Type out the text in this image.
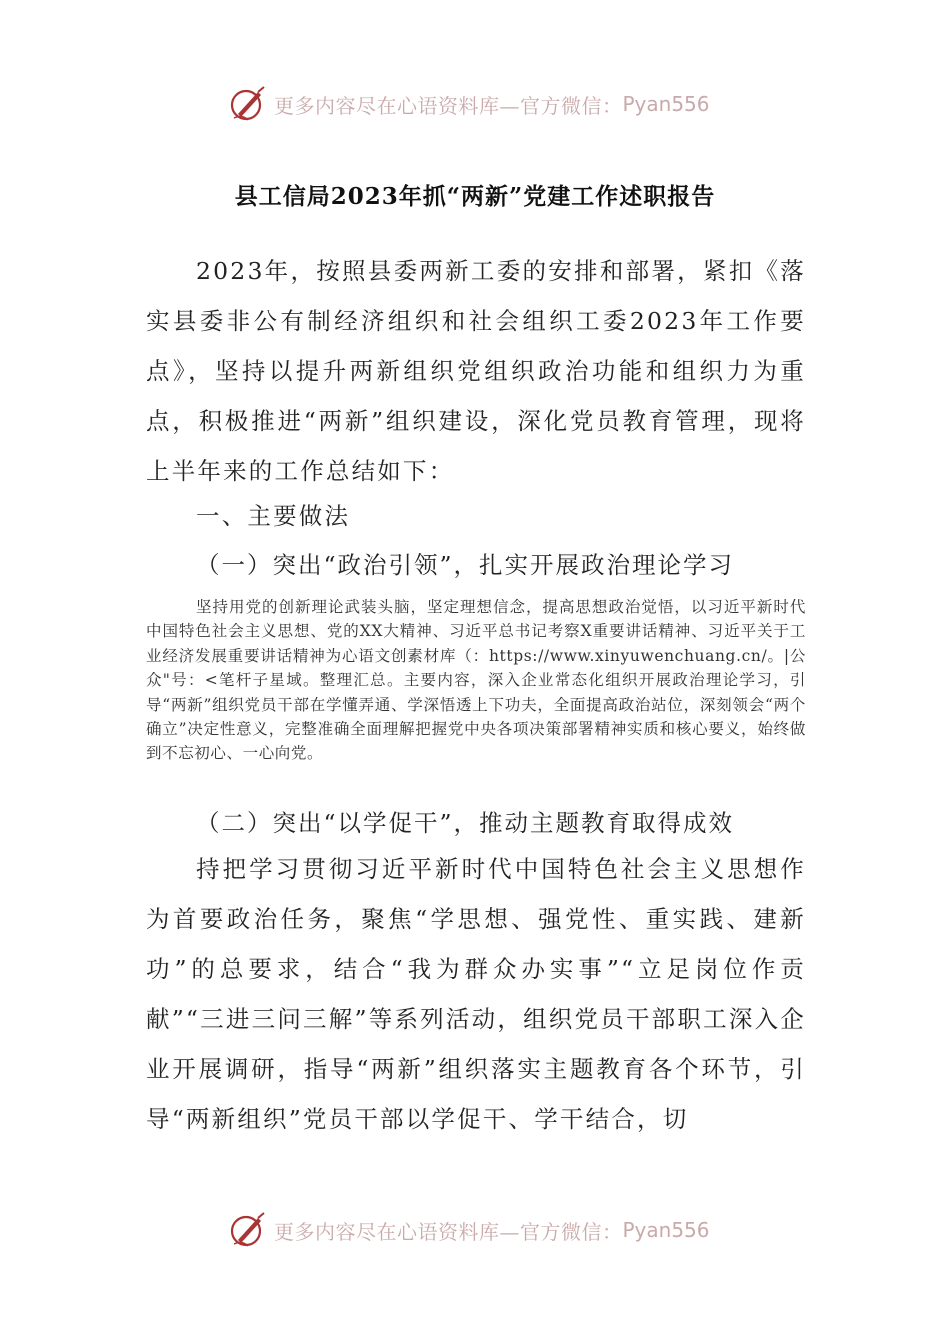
更多内容尽在心语资料库—官方微信： Pyan556
县工信局2023年抓“两新”党建工作述职报告

2023年，按照县委两新工委的安排和部署，紧扣《落实县委非公有制经济组织和社会组织工委2023年工作要点》，坚持以提升两新组织党组织政治功能和组织力为重点，积极推进“两新”组织建设，深化党员教育管理，现将上半年来的工作总结如下：

一、主要做法

（一）突出“政治引领”，扎实开展政治理论学习

坚持用党的创新理论武装头脑，坚定理想信念，提高思想政治觉悟，以习近平新时代中国特色社会主义思想、党的XX大精神、习近平总书记考察X重要讲话精神、习近平关于工业经济发展重要讲话精神为心语文创素材库（：https://www.xinyuwenchuang.cn/。|公众"号：<笔杆子星域。整理汇总。主要内容，深入企业常态化组织开展政治理论学习，引导“两新”组织党员干部在学懂弄通、学深悟透上下功夫，全面提高政治站位，深刻领会“两个确立”决定性意义，完整准确全面理解把握党中央各项决策部署精神实质和核心要义，始终做到不忘初心、一心向党。

（二）突出“以学促干”，推动主题教育取得成效

持把学习贯彻习近平新时代中国特色社会主义思想作为首要政治任务，聚焦“学思想、强党性、重实践、建新功”的总要求，结合“我为群众办实事”“立足岗位作贡献”“三进三问三解”等系列活动，组织党员干部职工深入企业开展调研，指导“两新”组织落实主题教育各个环节，引导“两新组织”党员干部以学促干、学干结合，切

更多内容尽在心语资料库—官方微信： Pyan556
